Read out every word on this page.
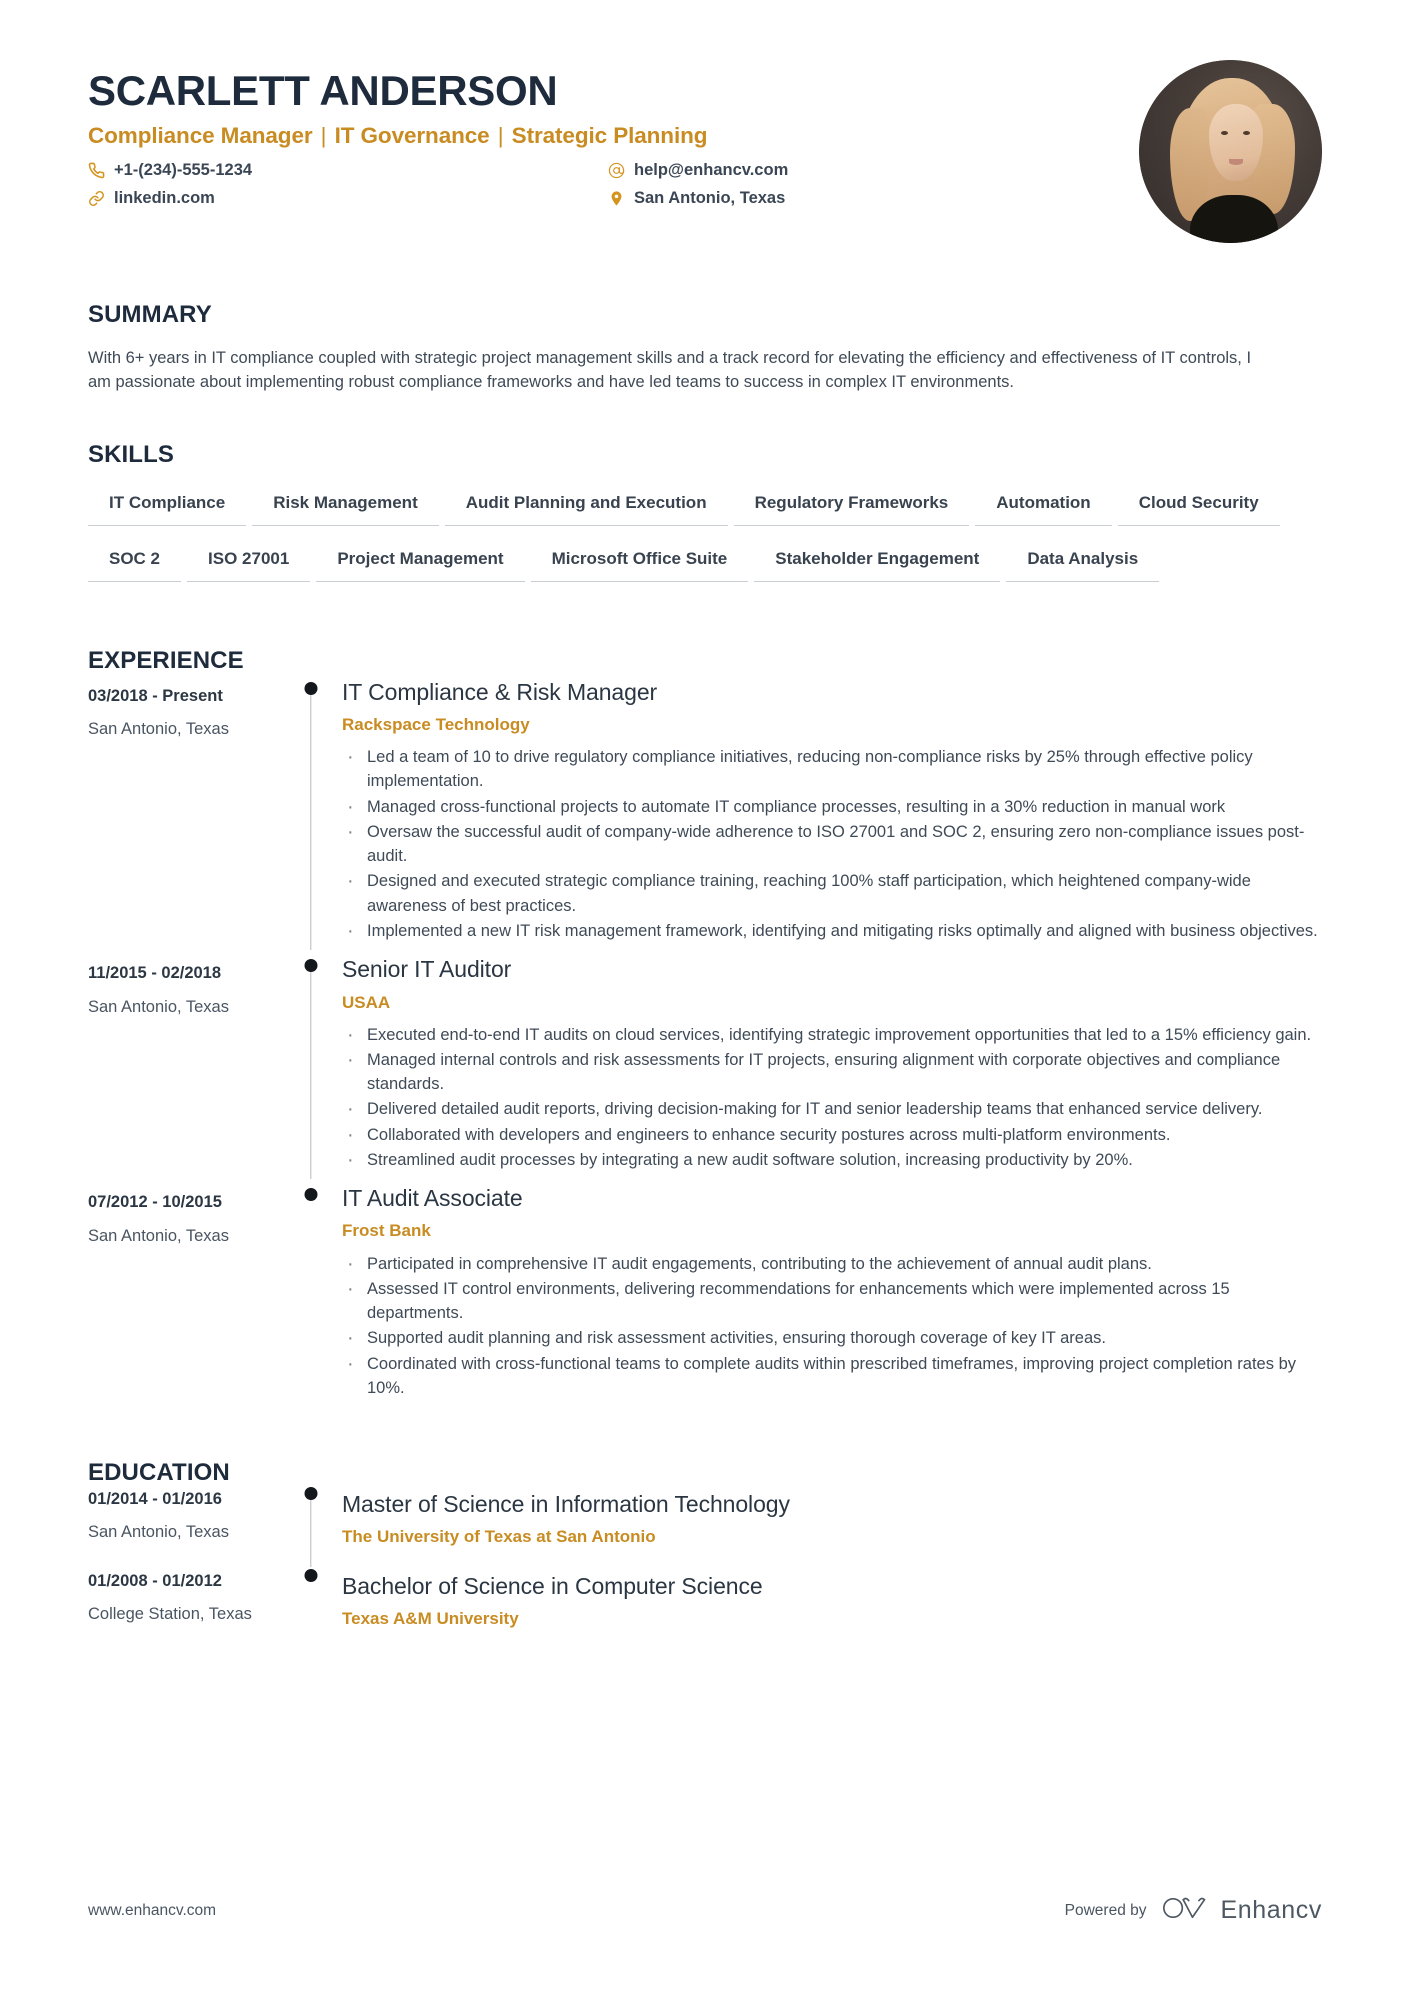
SCARLETT ANDERSON
Compliance Manager | IT Governance | Strategic Planning
+1-(234)-555-1234	help@enhancv.com
linkedin.com	San Antonio, Texas
SUMMARY

With 6+ years in IT compliance coupled with strategic project management skills and a track record for elevating the efficiency and effectiveness of IT controls, I am passionate about implementing robust compliance frameworks and have led teams to success in complex IT environments.

SKILLS
IT Compliance	Risk Management	Audit Planning and Execution	Regulatory Frameworks	Automation	Cloud Security
SOC 2	ISO 27001	Project Management	Microsoft Office Suite	Stakeholder Engagement	Data Analysis
EXPERIENCE
03/2018 - Present
San Antonio, Texas
IT Compliance & Risk Manager
Rackspace Technology
· Led a team of 10 to drive regulatory compliance initiatives, reducing non-compliance risks by 25% through effective policy implementation.
· Managed cross-functional projects to automate IT compliance processes, resulting in a 30% reduction in manual work
· Oversaw the successful audit of company-wide adherence to ISO 27001 and SOC 2, ensuring zero non-compliance issues post-audit.
· Designed and executed strategic compliance training, reaching 100% staff participation, which heightened company-wide awareness of best practices.
· Implemented a new IT risk management framework, identifying and mitigating risks optimally and aligned with business objectives.
11/2015 - 02/2018
San Antonio, Texas
Senior IT Auditor
USAA
· Executed end-to-end IT audits on cloud services, identifying strategic improvement opportunities that led to a 15% efficiency gain.
· Managed internal controls and risk assessments for IT projects, ensuring alignment with corporate objectives and compliance standards.
· Delivered detailed audit reports, driving decision-making for IT and senior leadership teams that enhanced service delivery.
· Collaborated with developers and engineers to enhance security postures across multi-platform environments.
· Streamlined audit processes by integrating a new audit software solution, increasing productivity by 20%.
07/2012 - 10/2015
San Antonio, Texas
IT Audit Associate
Frost Bank
· Participated in comprehensive IT audit engagements, contributing to the achievement of annual audit plans.
· Assessed IT control environments, delivering recommendations for enhancements which were implemented across 15 departments.
· Supported audit planning and risk assessment activities, ensuring thorough coverage of key IT areas.
· Coordinated with cross-functional teams to complete audits within prescribed timeframes, improving project completion rates by 10%.
EDUCATION
01/2014 - 01/2016
San Antonio, Texas
Master of Science in Information Technology
The University of Texas at San Antonio
01/2008 - 01/2012
College Station, Texas
Bachelor of Science in Computer Science
Texas A&M University
www.enhancv.com	Powered by	Enhancv
